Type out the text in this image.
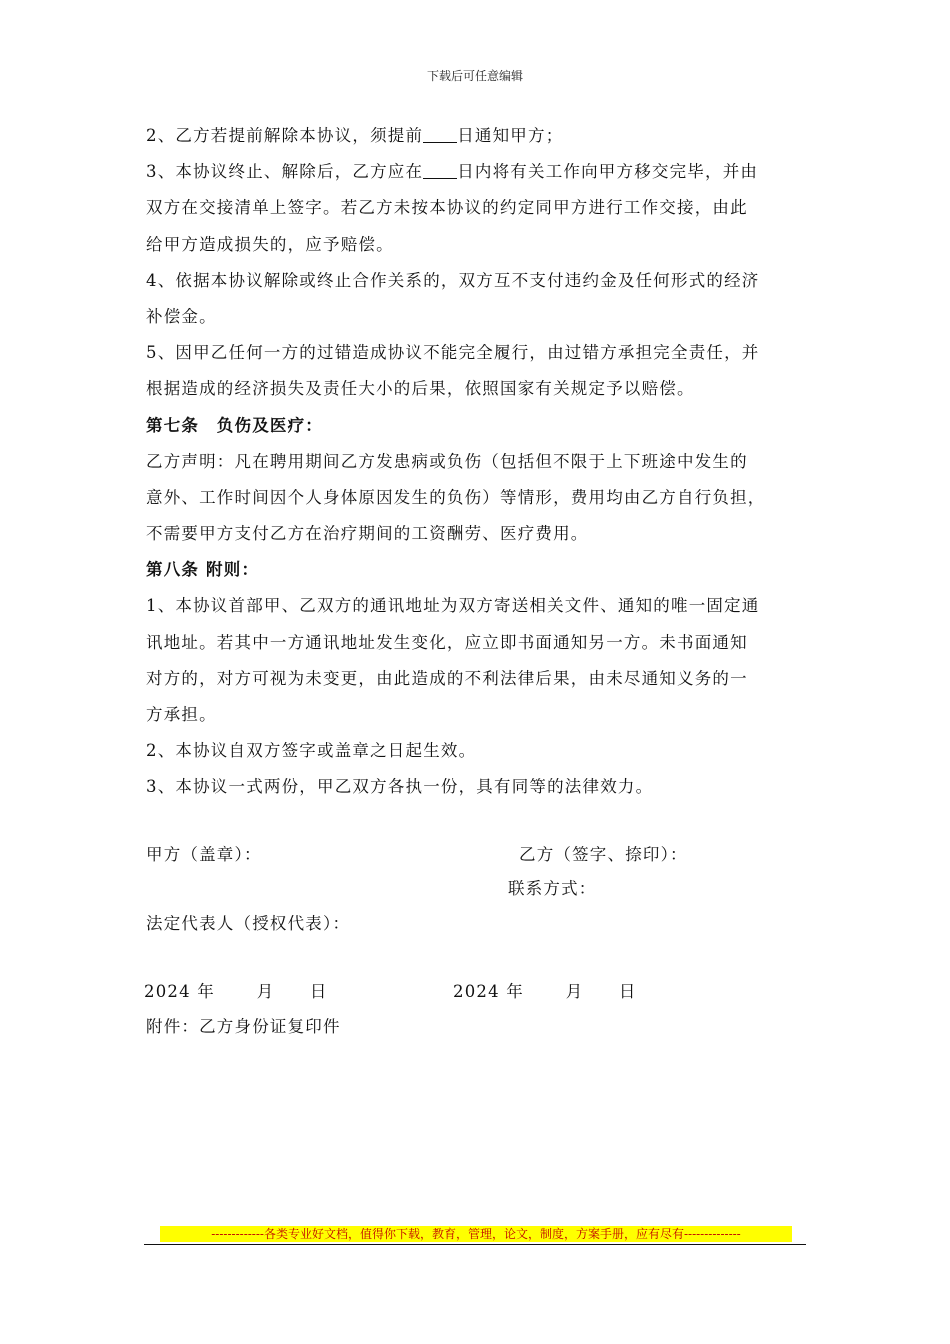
下载后可任意编辑
2、乙方若提前解除本协议，须提前 日通知甲方；
3、本协议终止、解除后，乙方应在 日内将有关工作向甲方移交完毕，并由
双方在交接清单上签字。若乙方未按本协议的约定同甲方进行工作交接，由此
给甲方造成损失的，应予赔偿。
4、依据本协议解除或终止合作关系的，双方互不支付违约金及任何形式的经济
补偿金。
5、因甲乙任何一方的过错造成协议不能完全履行，由过错方承担完全责任，并
根据造成的经济损失及责任大小的后果，依照国家有关规定予以赔偿。
第七条　负伤及医疗：
乙方声明：凡在聘用期间乙方发患病或负伤（包括但不限于上下班途中发生的
意外、工作时间因个人身体原因发生的负伤）等情形，费用均由乙方自行负担，
不需要甲方支付乙方在治疗期间的工资酬劳、医疗费用。
第八条 附则：
1、本协议首部甲、乙双方的通讯地址为双方寄送相关文件、通知的唯一固定通
讯地址。若其中一方通讯地址发生变化，应立即书面通知另一方。未书面通知
对方的，对方可视为未变更，由此造成的不利法律后果，由未尽通知义务的一
方承担。
2、本协议自双方签字或盖章之日起生效。
3、本协议一式两份，甲乙双方各执一份，具有同等的法律效力。
甲方（盖章）：	乙方（签字、捺印）：
联系方式：
法定代表人（授权代表）：
2024 年　　 月　　日	2024 年　　 月　　日
附件：乙方身份证复印件
-------------各类专业好文档，值得你下载，教育，管理，论文，制度，方案手册，应有尽有--------------
